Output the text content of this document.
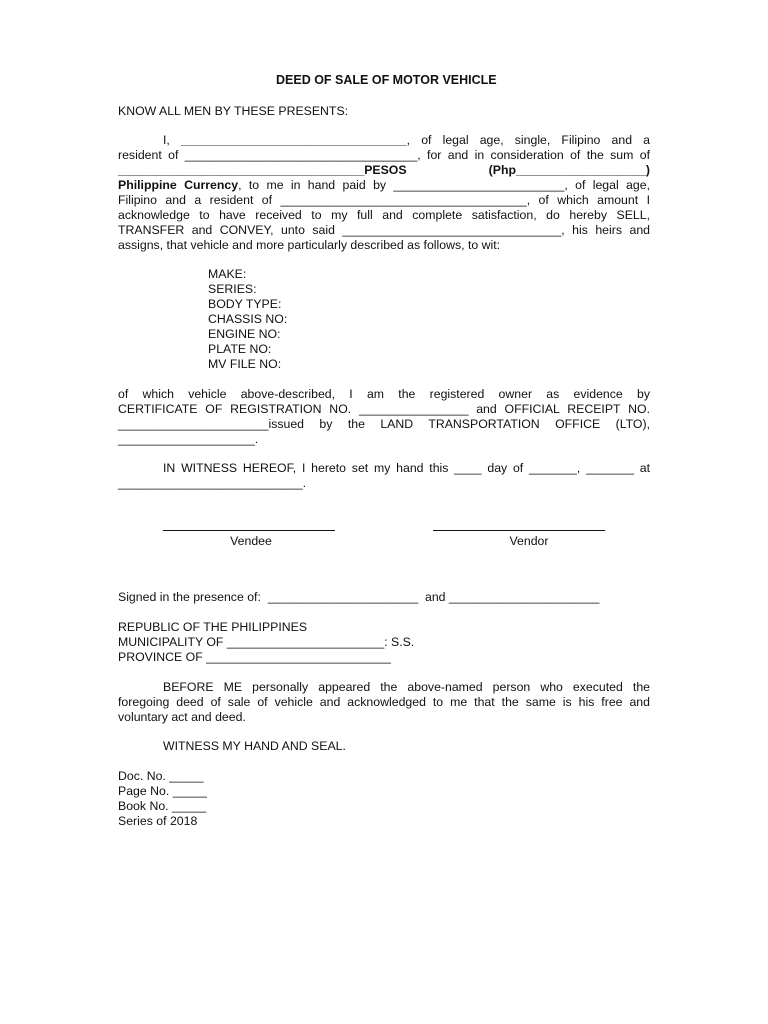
DEED OF SALE OF MOTOR VEHICLE
KNOW ALL MEN BY THESE PRESENTS:
I, _________________________________, of legal age, single, Filipino and a
resident of __________________________________, for and in consideration of the sum of
____________________________________PESOS	(Php___________________)
Philippine Currency, to me in hand paid by _________________________, of legal age,
Filipino and a resident of ____________________________________, of which amount I
acknowledge to have received to my full and complete satisfaction, do hereby SELL,
TRANSFER and CONVEY, unto said ________________________________, his heirs and
assigns, that vehicle and more particularly described as follows, to wit:
MAKE:
SERIES:
BODY TYPE:
CHASSIS NO:
ENGINE NO:
PLATE NO:
MV FILE NO:
of which vehicle above-described, I am the registered owner as evidence by
CERTIFICATE OF REGISTRATION NO. ________________ and OFFICIAL RECEIPT NO.
______________________issued by the LAND TRANSPORTATION OFFICE (LTO),
____________________.
IN WITNESS HEREOF, I hereto set my hand this ____ day of _______, _______ at
___________________________.
Vendee	Vendor
Signed in the presence of:  ______________________  and ______________________
REPUBLIC OF THE PHILIPPINES
MUNICIPALITY OF _______________________: S.S.
PROVINCE OF ___________________________
BEFORE ME personally appeared the above-named person who executed the
foregoing deed of sale of vehicle and acknowledged to me that the same is his free and
voluntary act and deed.
WITNESS MY HAND AND SEAL.
Doc. No. _____
Page No. _____
Book No. _____
Series of 2018
